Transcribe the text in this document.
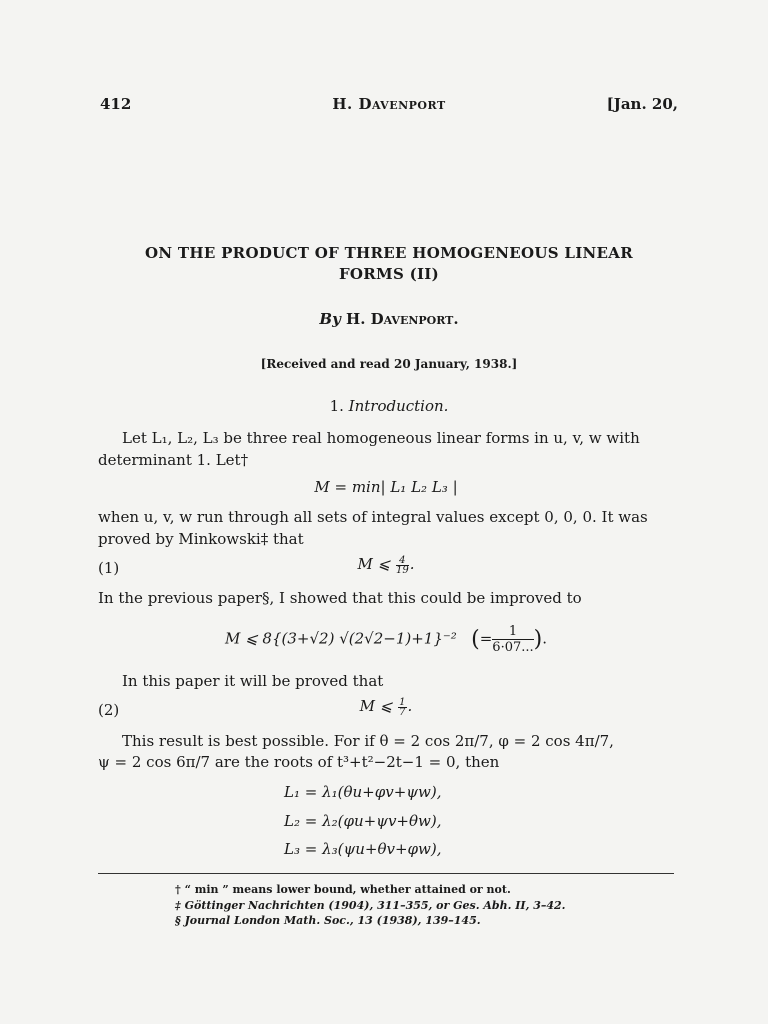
412	H. Davenport	[Jan. 20,
ON THE PRODUCT OF THREE HOMOGENEOUS LINEAR
FORMS (II)
By H. Davenport.
[Received and read 20 January, 1938.]
1. Introduction.
Let L₁, L₂, L₃ be three real homogeneous linear forms in u, v, w with
determinant 1. Let†
M = min| L₁ L₂ L₃ |
when u, v, w run through all sets of integral values except 0, 0, 0. It was
proved by Minkowski‡ that
(1)	M ⩽ $\frac{4}{19}$ .
In the previous paper§, I showed that this could be improved to
M ⩽ 8{(3+√2) √(2√2−1)+1}⁻² (= $\frac{1}{6\cdot 07...}$ ).
In this paper it will be proved that
(2)	M ⩽ $\frac{1}{7}$ .
This result is best possible. For if θ = 2 cos 2π/7, φ = 2 cos 4π/7,
ψ = 2 cos 6π/7 are the roots of t³+t²−2t−1 = 0, then
L₁ = λ₁(θu+φv+ψw),
L₂ = λ₂(φu+ψv+θw),
L₃ = λ₃(ψu+θv+φw),
† “ min ” means lower bound, whether attained or not.
‡ Göttinger Nachrichten (1904), 311–355, or Ges. Abh. II, 3–42.
§ Journal London Math. Soc., 13 (1938), 139–145.
